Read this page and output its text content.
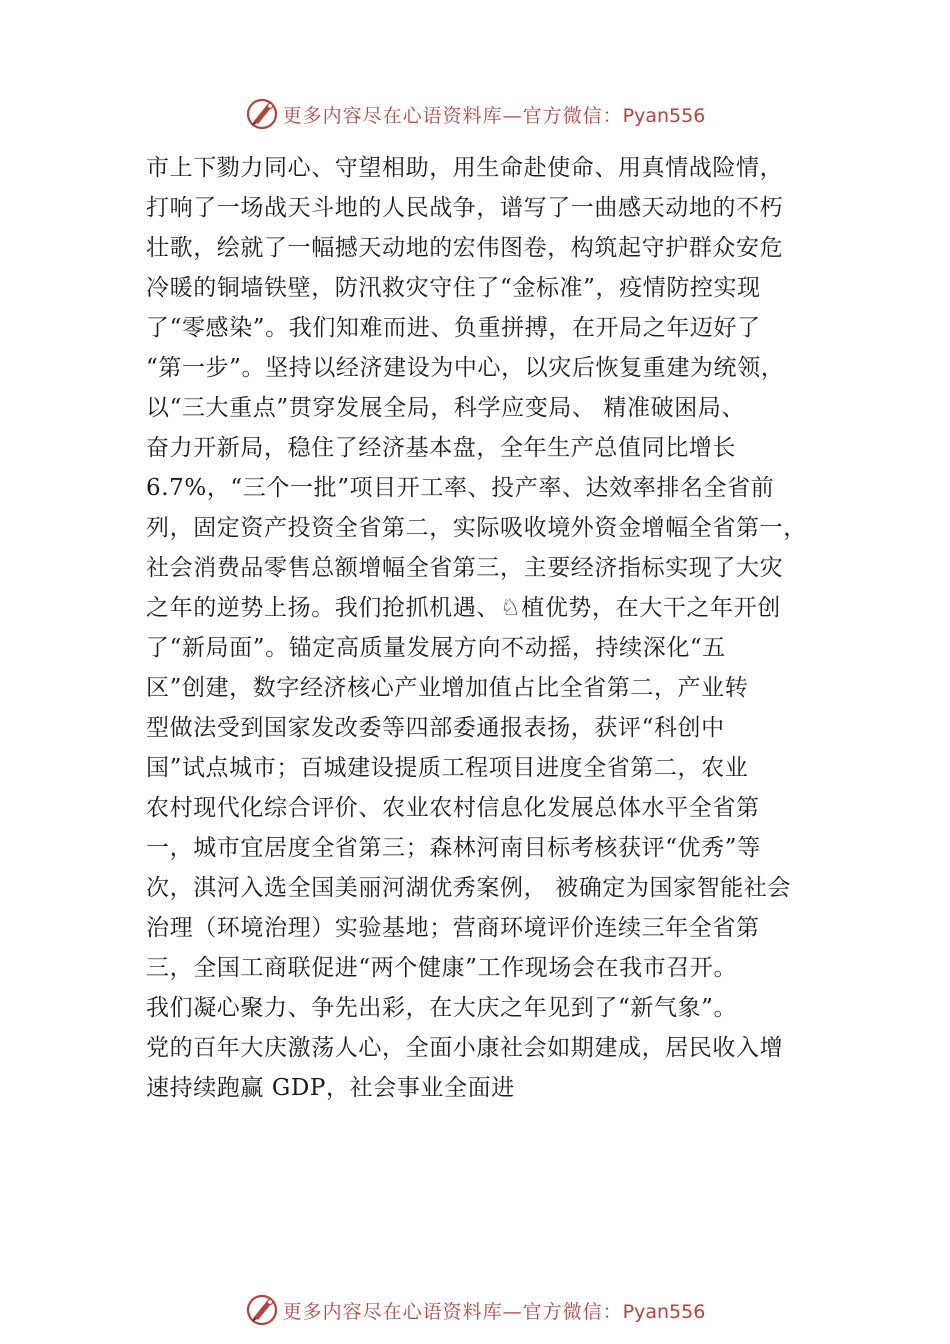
更多内容尽在心语资料库—官方微信：Pyan556
市上下勠力同心、守望相助，用生命赴使命、用真情战险情，
打响了一场战天斗地的人民战争，谱写了一曲感天动地的不朽
壮歌，绘就了一幅撼天动地的宏伟图卷，构筑起守护群众安危
冷暖的铜墙铁壁，防汛救灾守住了“金标准”，疫情防控实现
了“零感染”。我们知难而进、负重拼搏，在开局之年迈好了
“第一步”。坚持以经济建设为中心，以灾后恢复重建为统领，
以“三大重点”贯穿发展全局，科学应变局、 精准破困局、
奋力开新局，稳住了经济基本盘，全年生产总值同比增长
6.7%，“三个一批”项目开工率、投产率、达效率排名全省前
列，固定资产投资全省第二，实际吸收境外资金增幅全省第一，
社会消费品零售总额增幅全省第三，主要经济指标实现了大灾
之年的逆势上扬。我们抢抓机遇、♘植优势，在大干之年开创
了“新局面”。锚定高质量发展方向不动摇，持续深化“五
区”创建，数字经济核心产业增加值占比全省第二，产业转
型做法受到国家发改委等四部委通报表扬，获评“科创中
国”试点城市；百城建设提质工程项目进度全省第二，农业
农村现代化综合评价、农业农村信息化发展总体水平全省第
一，城市宜居度全省第三；森林河南目标考核获评“优秀”等
次，淇河入选全国美丽河湖优秀案例， 被确定为国家智能社会
治理（环境治理）实验基地；营商环境评价连续三年全省第
三，全国工商联促进“两个健康”工作现场会在我市召开。
我们凝心聚力、争先出彩，在大庆之年见到了“新气象”。
党的百年大庆激荡人心，全面小康社会如期建成，居民收入增
速持续跑赢 GDP，社会事业全面进
更多内容尽在心语资料库—官方微信：Pyan556
